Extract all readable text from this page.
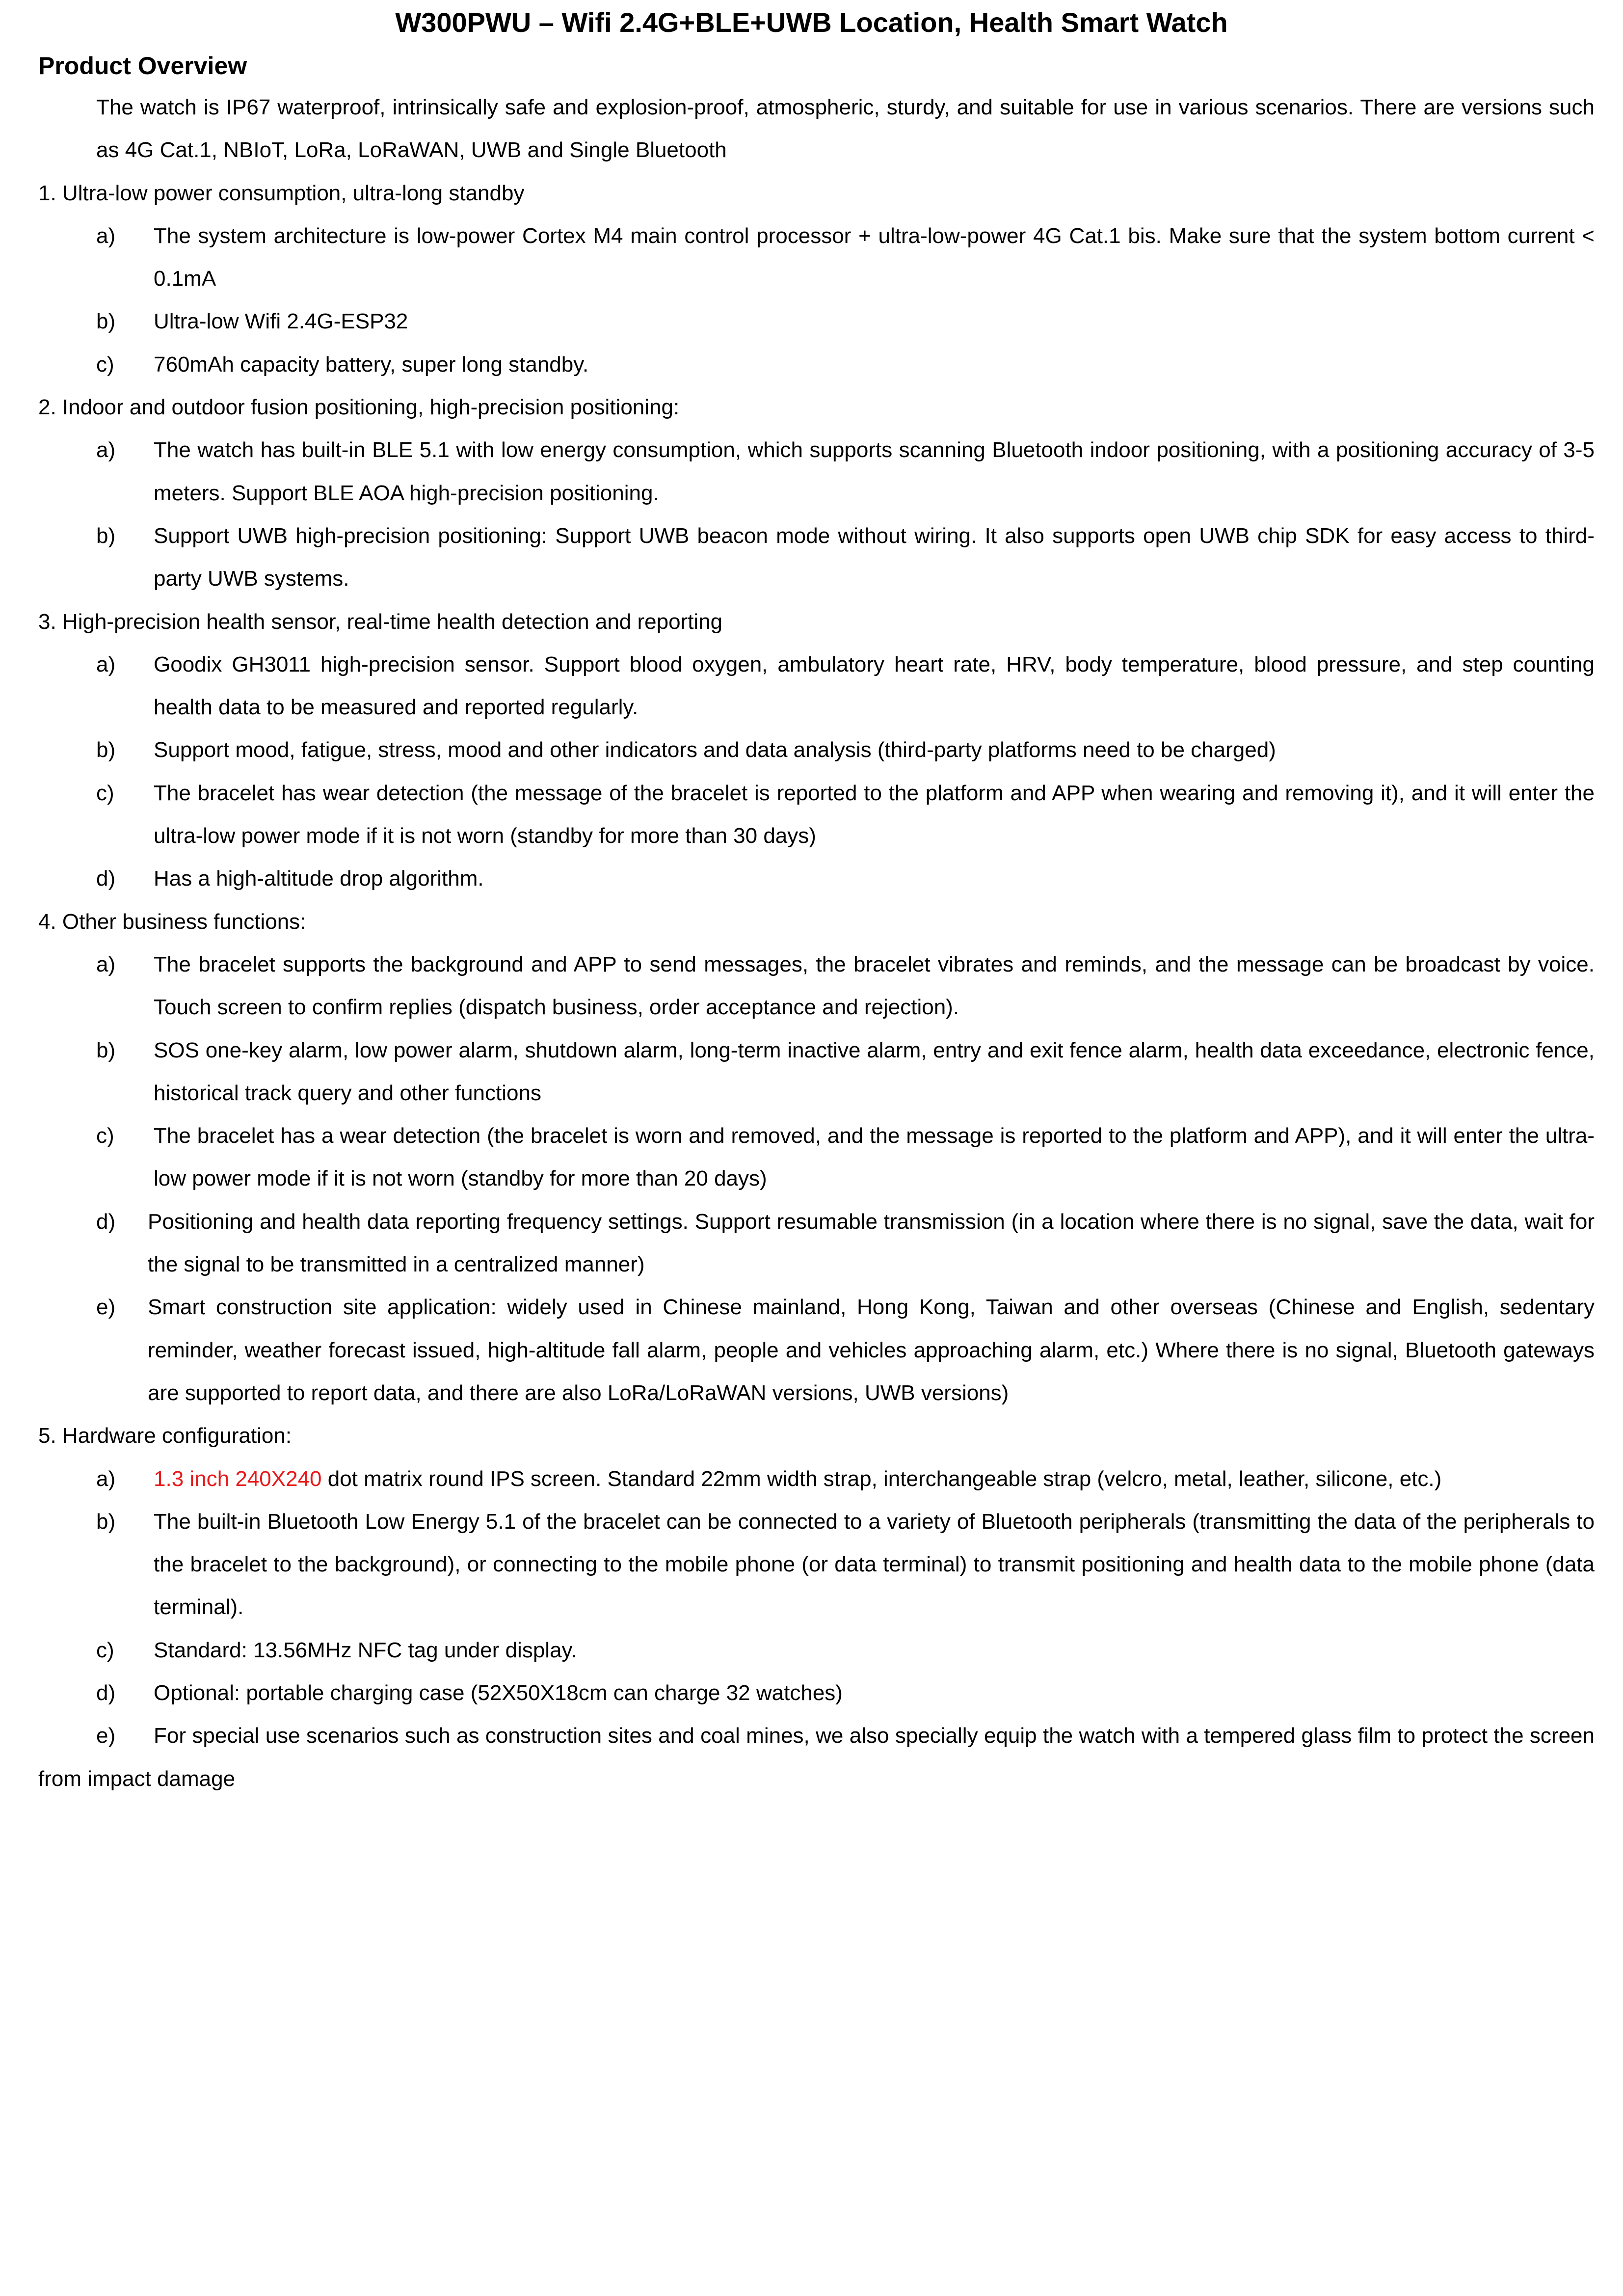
W300PWU – Wifi 2.4G+BLE+UWB Location, Health Smart Watch
Product Overview
The watch is IP67 waterproof, intrinsically safe and explosion-proof, atmospheric, sturdy, and suitable for use in various scenarios. There are versions such as 4G Cat.1, NBIoT, LoRa, LoRaWAN, UWB and Single Bluetooth
1. Ultra-low power consumption, ultra-long standby
a)	The system architecture is low-power Cortex M4 main control processor + ultra-low-power 4G Cat.1 bis. Make sure that the system bottom current < 0.1mA
b)	Ultra-low Wifi 2.4G-ESP32
c)	760mAh capacity battery, super long standby.
2. Indoor and outdoor fusion positioning, high-precision positioning:
a)	The watch has built-in BLE 5.1 with low energy consumption, which supports scanning Bluetooth indoor positioning, with a positioning accuracy of 3-5 meters. Support BLE AOA high-precision positioning.
b)	Support UWB high-precision positioning: Support UWB beacon mode without wiring. It also supports open UWB chip SDK for easy access to third-party UWB systems.
3. High-precision health sensor, real-time health detection and reporting
a)	Goodix GH3011 high-precision sensor. Support blood oxygen, ambulatory heart rate, HRV, body temperature, blood pressure, and step counting health data to be measured and reported regularly.
b)	Support mood, fatigue, stress, mood and other indicators and data analysis (third-party platforms need to be charged)
c)	The bracelet has wear detection (the message of the bracelet is reported to the platform and APP when wearing and removing it), and it will enter the ultra-low power mode if it is not worn (standby for more than 30 days)
d)	Has a high-altitude drop algorithm.
4. Other business functions:
a)	The bracelet supports the background and APP to send messages, the bracelet vibrates and reminds, and the message can be broadcast by voice. Touch screen to confirm replies (dispatch business, order acceptance and rejection).
b)	SOS one-key alarm, low power alarm, shutdown alarm, long-term inactive alarm, entry and exit fence alarm, health data exceedance, electronic fence, historical track query and other functions
c)	The bracelet has a wear detection (the bracelet is worn and removed, and the message is reported to the platform and APP), and it will enter the ultra-low power mode if it is not worn (standby for more than 20 days)
d)	Positioning and health data reporting frequency settings. Support resumable transmission (in a location where there is no signal, save the data, wait for the signal to be transmitted in a centralized manner)
e)	Smart construction site application: widely used in Chinese mainland, Hong Kong, Taiwan and other overseas (Chinese and English, sedentary reminder, weather forecast issued, high-altitude fall alarm, people and vehicles approaching alarm, etc.) Where there is no signal, Bluetooth gateways are supported to report data, and there are also LoRa/LoRaWAN versions, UWB versions)
5. Hardware configuration:
a)	1.3 inch 240X240 dot matrix round IPS screen. Standard 22mm width strap, interchangeable strap (velcro, metal, leather, silicone, etc.)
b)	The built-in Bluetooth Low Energy 5.1 of the bracelet can be connected to a variety of Bluetooth peripherals (transmitting the data of the peripherals to the bracelet to the background), or connecting to the mobile phone (or data terminal) to transmit positioning and health data to the mobile phone (data terminal).
c)	Standard: 13.56MHz NFC tag under display.
d)	Optional: portable charging case (52X50X18cm can charge 32 watches)
e) For special use scenarios such as construction sites and coal mines, we also specially equip the watch with a tempered glass film to protect the screen from impact damage
